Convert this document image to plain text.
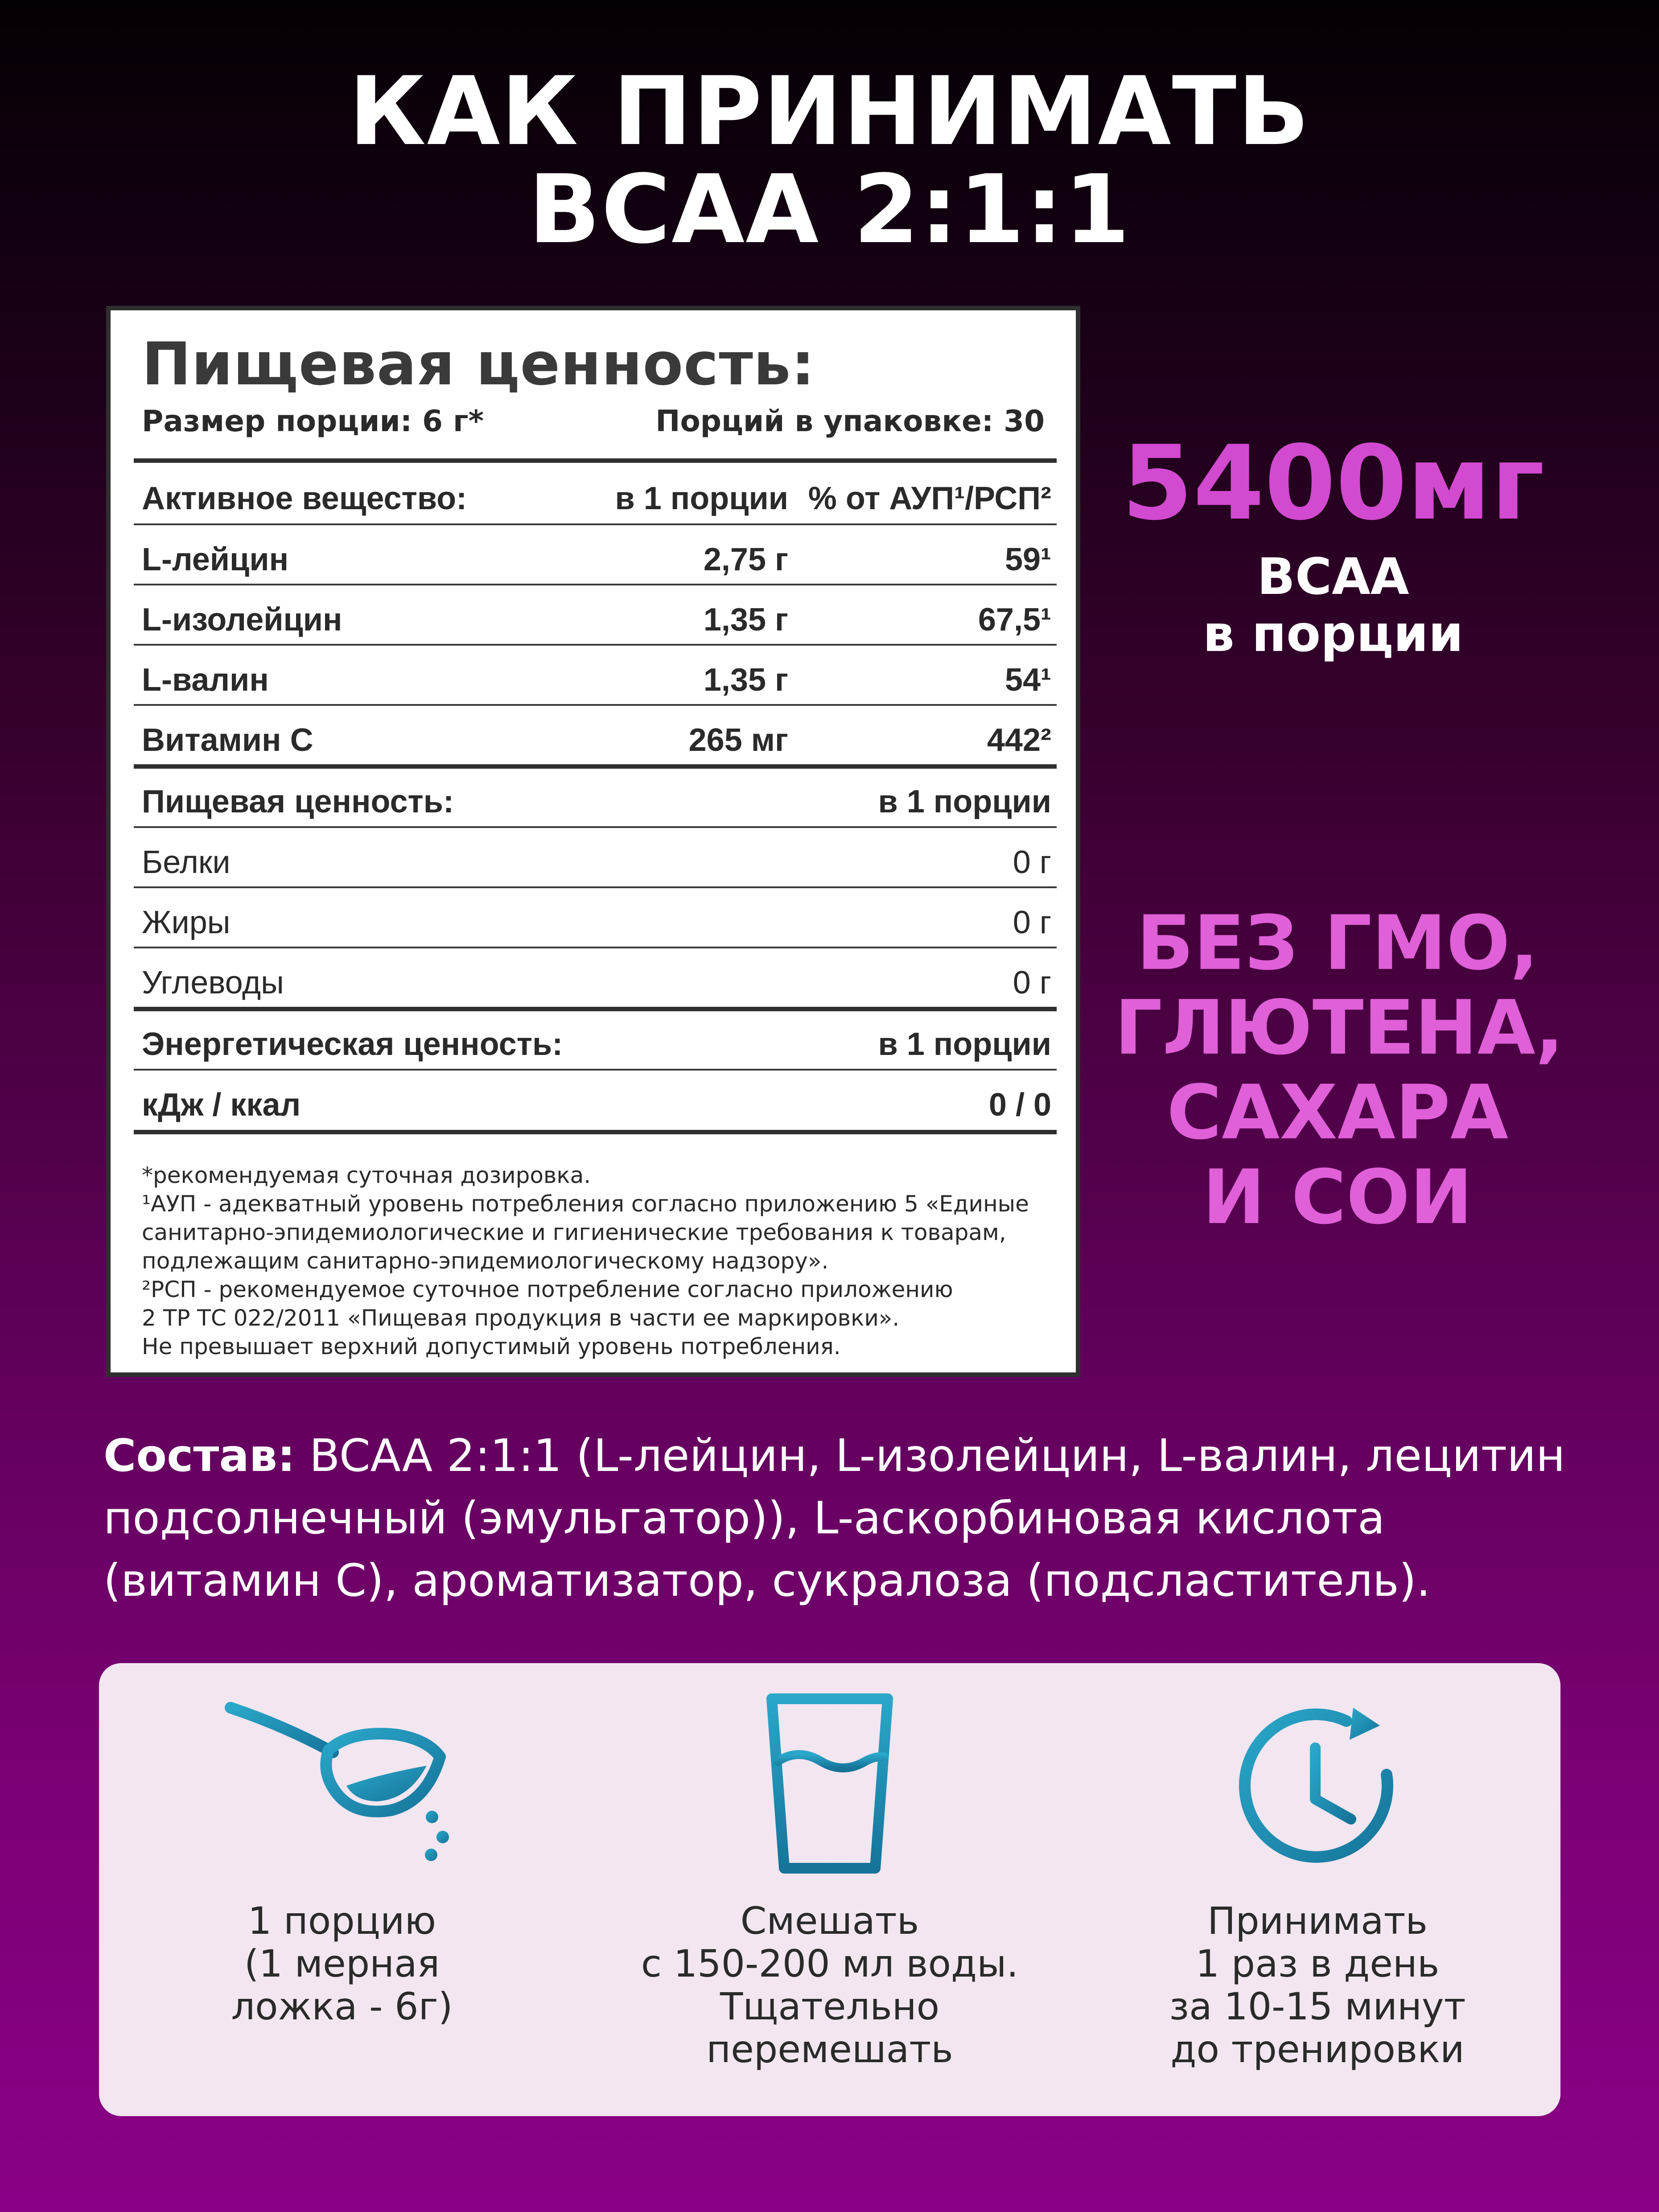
КАК ПРИНИМАТЬ
BCAA 2:1:1
Пищевая ценность:
Размер порции: 6 г*	Порций в упаковке: 30
Активное вещество:	в 1 порции % от АУП¹/РСП²
L-лейцин	2,75 г	59¹
L-изолейцин	1,35 г	67,5¹
L-валин	1,35 г	54¹
Витамин С	265 мг	442²
Пищевая ценность:	в 1 порции
Белки	0 г
Жиры	0 г
Углеводы	0 г
Энергетическая ценность:	в 1 порции
кДж / ккал	0 / 0
*рекомендуемая суточная дозировка.
¹АУП - адекватный уровень потребления согласно приложению 5 «Единые
санитарно-эпидемиологические и гигиенические требования к товарам,
подлежащим санитарно-эпидемиологическому надзору».
²РСП - рекомендуемое суточное потребление согласно приложению
2 ТР ТС 022/2011 «Пищевая продукция в части ее маркировки».
Не превышает верхний допустимый уровень потребления.
5400мг
BCAA
в порции
БЕЗ ГМО,
ГЛЮТЕНА,
САХАРА
И СОИ
Состав: BCAA 2:1:1 (L-лейцин, L-изолейцин, L-валин, лецитин
подсолнечный (эмульгатор)), L-аскорбиновая кислота
(витамин С), ароматизатор, сукралоза (подсластитель).
1 порцию
(1 мерная
ложка - 6г)
Смешать
с 150-200 мл воды.
Тщательно
перемешать
Принимать
1 раз в день
за 10-15 минут
до тренировки
